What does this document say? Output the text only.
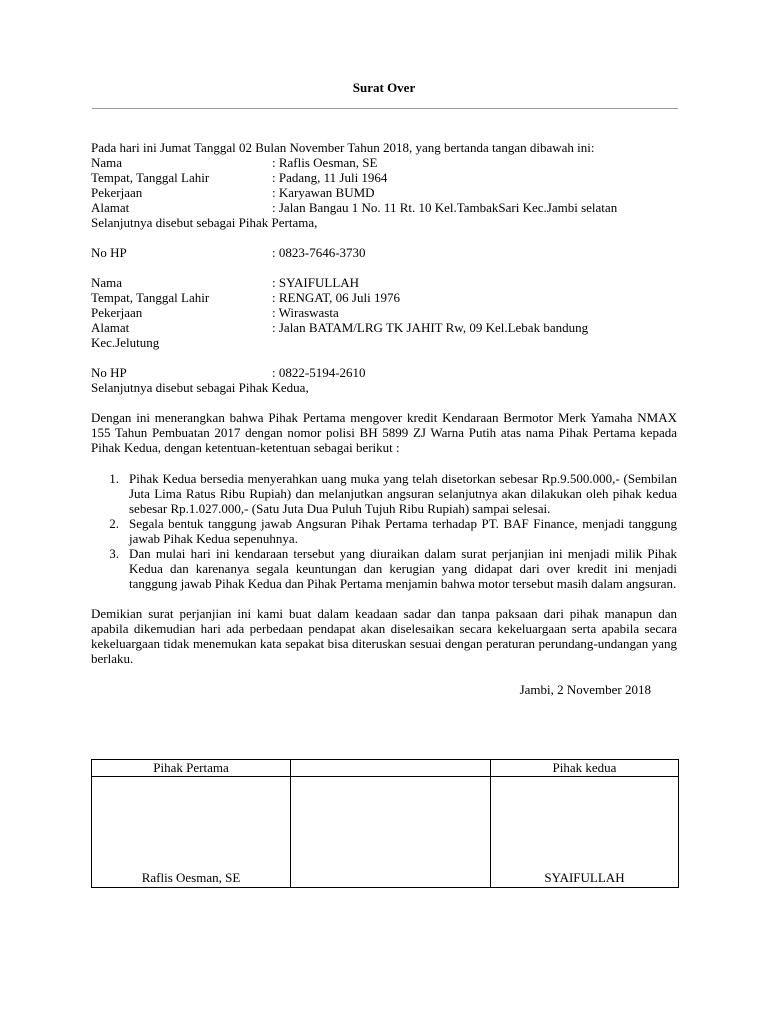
Surat Over

Pada hari ini Jumat Tanggal 02 Bulan November Tahun 2018, yang bertanda tangan dibawah ini:

Nama	: Raflis Oesman, SE
Tempat, Tanggal Lahir	: Padang, 11 Juli 1964
Pekerjaan	: Karyawan BUMD
Alamat	: Jalan Bangau 1 No. 11 Rt. 10 Kel.TambakSari Kec.Jambi selatan

Selanjutnya disebut sebagai Pihak Pertama,

No HP	: 0823-7646-3730
Nama	: SYAIFULLAH
Tempat, Tanggal Lahir	: RENGAT, 06 Juli 1976
Pekerjaan	: Wiraswasta
Alamat	: Jalan BATAM/LRG TK JAHIT Rw, 09 Kel.Lebak bandung

Kec.Jelutung

No HP	: 0822-5194-2610

Selanjutnya disebut sebagai Pihak Kedua,

Dengan ini menerangkan bahwa Pihak Pertama mengover kredit Kendaraan Bermotor Merk Yamaha NMAX 155 Tahun Pembuatan 2017 dengan nomor polisi BH 5899 ZJ Warna Putih atas nama Pihak Pertama kepada Pihak Kedua, dengan ketentuan-ketentuan sebagai berikut :

1. Pihak Kedua bersedia menyerahkan uang muka yang telah disetorkan sebesar Rp.9.500.000,- (Sembilan Juta Lima Ratus Ribu Rupiah) dan melanjutkan angsuran selanjutnya akan dilakukan oleh pihak kedua sebesar Rp.1.027.000,- (Satu Juta Dua Puluh Tujuh Ribu Rupiah) sampai selesai.
2. Segala bentuk tanggung jawab Angsuran Pihak Pertama terhadap PT. BAF Finance, menjadi tanggung jawab Pihak Kedua sepenuhnya.
3. Dan mulai hari ini kendaraan tersebut yang diuraikan dalam surat perjanjian ini menjadi milik Pihak Kedua dan karenanya segala keuntungan dan kerugian yang didapat dari over kredit ini menjadi tanggung jawab Pihak Kedua dan Pihak Pertama menjamin bahwa motor tersebut masih dalam angsuran.

Demikian surat perjanjian ini kami buat dalam keadaan sadar dan tanpa paksaan dari pihak manapun dan apabila dikemudian hari ada perbedaan pendapat akan diselesaikan secara kekeluargaan serta apabila secara kekeluargaan tidak menemukan kata sepakat bisa diteruskan sesuai dengan peraturan perundang-undangan yang berlaku.

Jambi, 2 November 2018

Pihak Pertama		Pihak kedua
Raflis Oesman, SE		SYAIFULLAH
